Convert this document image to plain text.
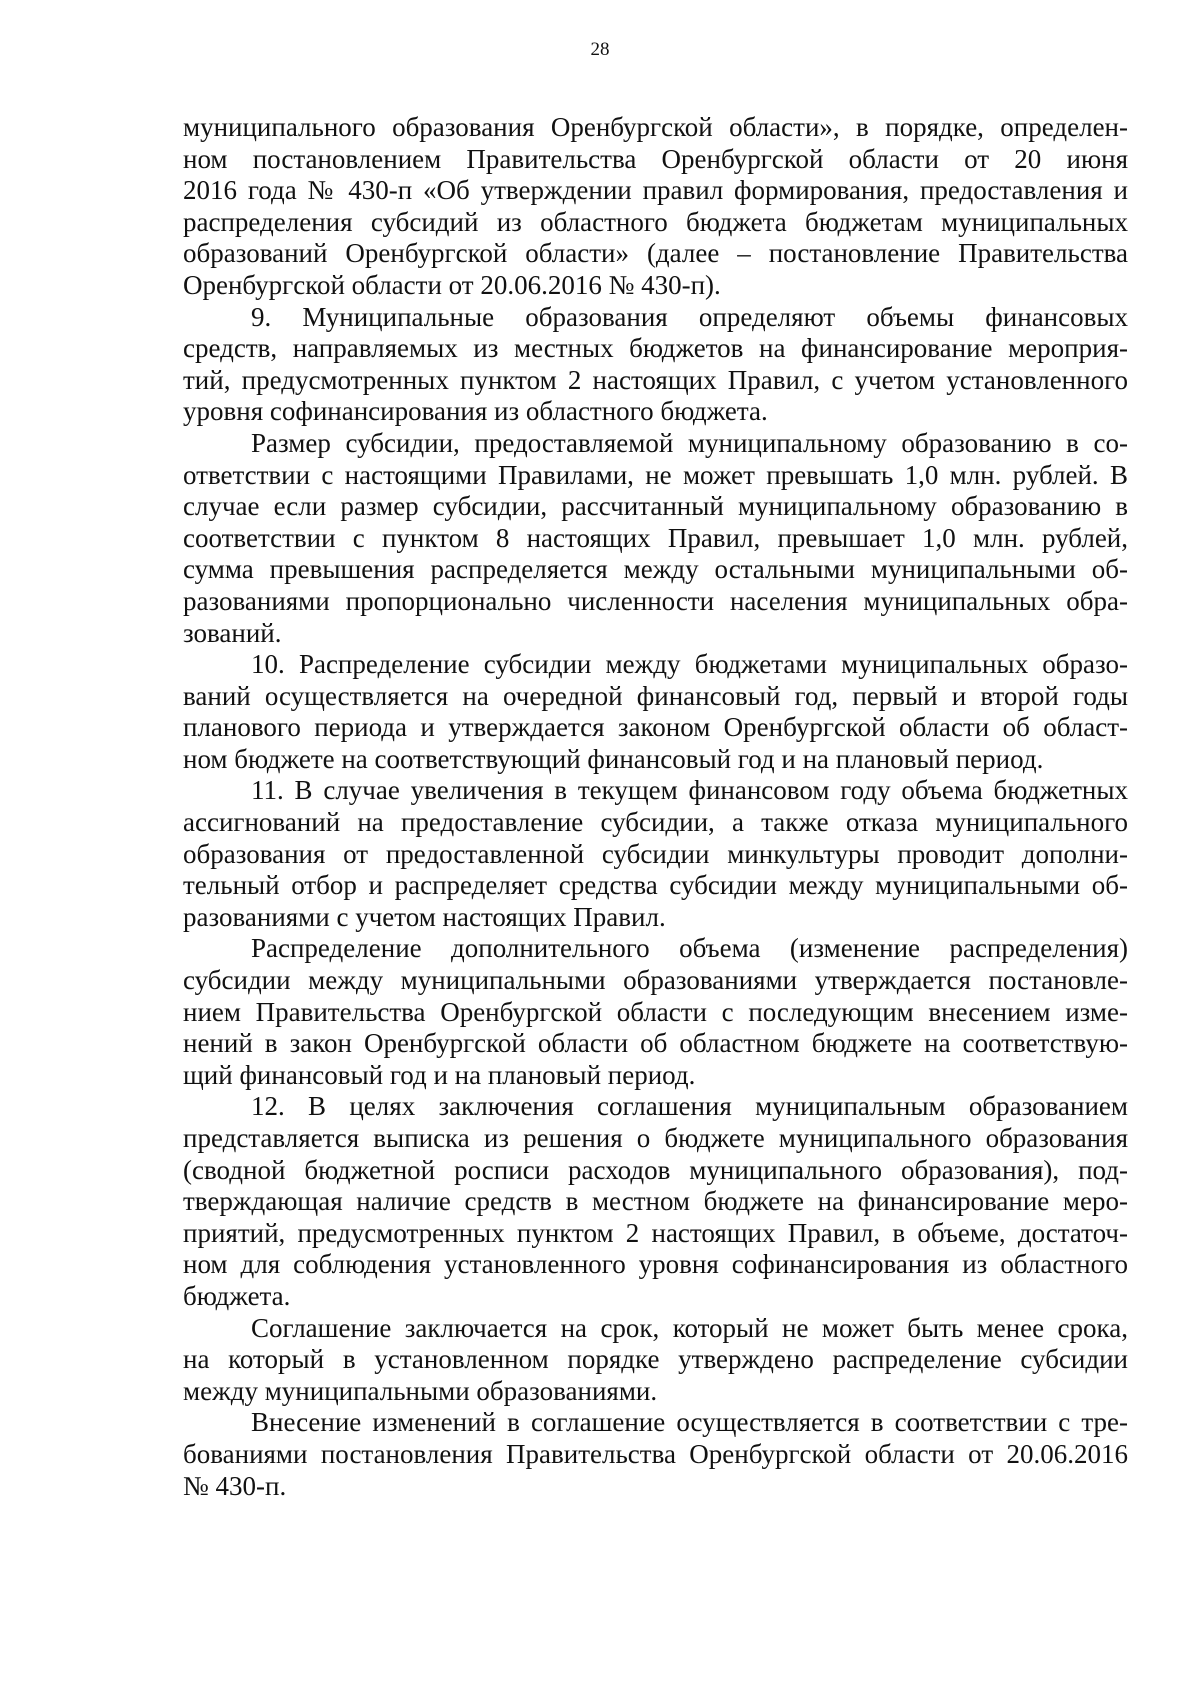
28

муниципального образования Оренбургской области», в порядке, определен-
ном постановлением Правительства Оренбургской области от 20 июня
2016 года № 430-п «Об утверждении правил формирования, предоставления и
распределения субсидий из областного бюджета бюджетам муниципальных
образований Оренбургской области» (далее – постановление Правительства
Оренбургской области от 20.06.2016 № 430-п).

9. Муниципальные образования определяют объемы финансовых
средств, направляемых из местных бюджетов на финансирование мероприя-
тий, предусмотренных пунктом 2 настоящих Правил, с учетом установленного
уровня софинансирования из областного бюджета.

Размер субсидии, предоставляемой муниципальному образованию в со-
ответствии с настоящими Правилами, не может превышать 1,0 млн. рублей. В
случае если размер субсидии, рассчитанный муниципальному образованию в
соответствии с пунктом 8 настоящих Правил, превышает 1,0 млн. рублей,
сумма превышения распределяется между остальными муниципальными об-
разованиями пропорционально численности населения муниципальных обра-
зований.

10. Распределение субсидии между бюджетами муниципальных образо-
ваний осуществляется на очередной финансовый год, первый и второй годы
планового периода и утверждается законом Оренбургской области об област-
ном бюджете на соответствующий финансовый год и на плановый период.

11. В случае увеличения в текущем финансовом году объема бюджетных
ассигнований на предоставление субсидии, а также отказа муниципального
образования от предоставленной субсидии минкультуры проводит дополни-
тельный отбор и распределяет средства субсидии между муниципальными об-
разованиями с учетом настоящих Правил.

Распределение дополнительного объема (изменение распределения)
субсидии между муниципальными образованиями утверждается постановле-
нием Правительства Оренбургской области с последующим внесением изме-
нений в закон Оренбургской области об областном бюджете на соответствую-
щий финансовый год и на плановый период.

12. В целях заключения соглашения муниципальным образованием
представляется выписка из решения о бюджете муниципального образования
(сводной бюджетной росписи расходов муниципального образования), под-
тверждающая наличие средств в местном бюджете на финансирование меро-
приятий, предусмотренных пунктом 2 настоящих Правил, в объеме, достаточ-
ном для соблюдения установленного уровня софинансирования из областного
бюджета.

Соглашение заключается на срок, который не может быть менее срока,
на который в установленном порядке утверждено распределение субсидии
между муниципальными образованиями.

Внесение изменений в соглашение осуществляется в соответствии с тре-
бованиями постановления Правительства Оренбургской области от 20.06.2016
№ 430-п.
